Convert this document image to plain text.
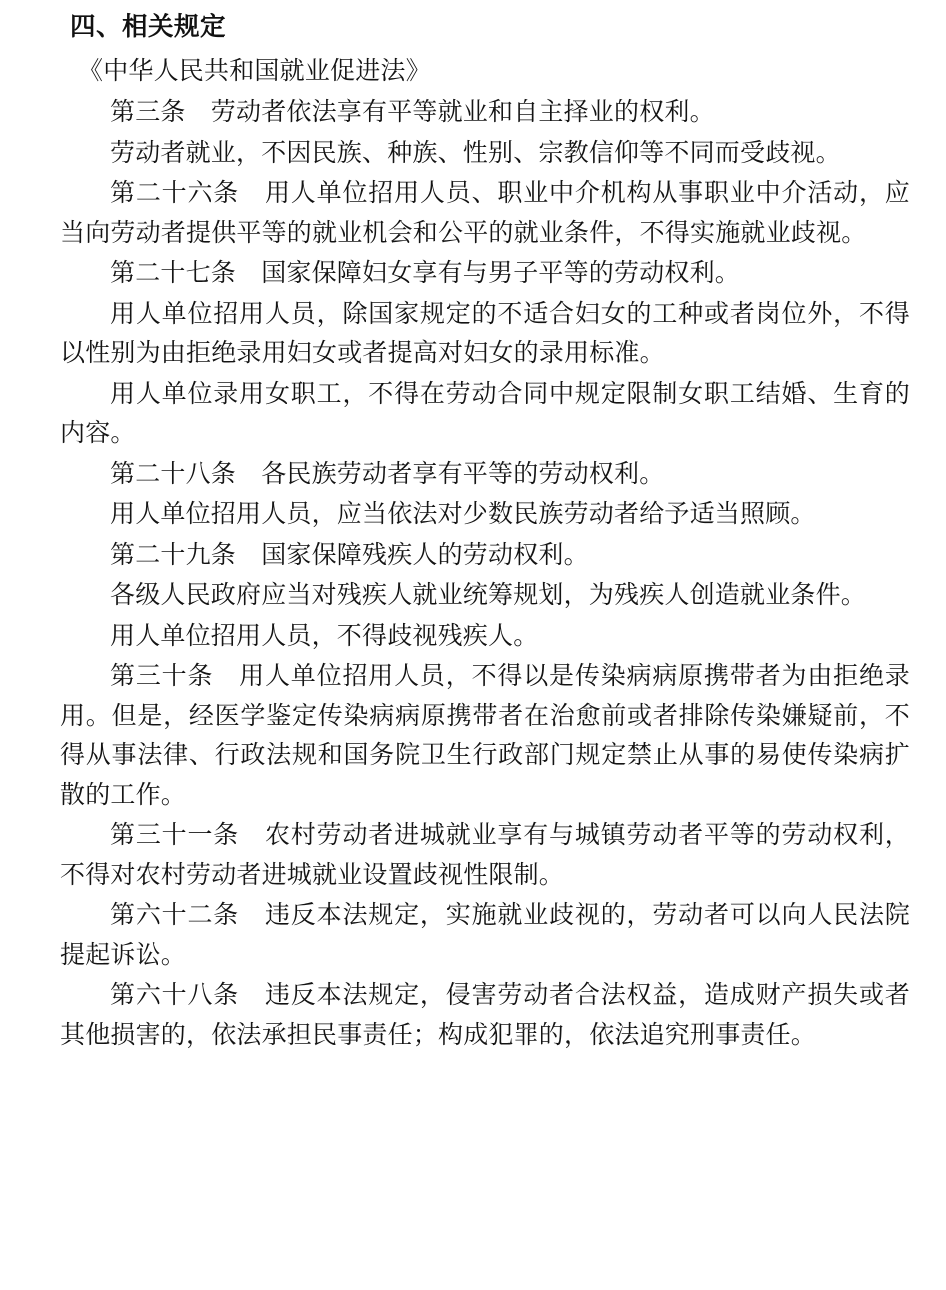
四、相关规定

《中华人民共和国就业促进法》

第三条　劳动者依法享有平等就业和自主择业的权利。

劳动者就业，不因民族、种族、性别、宗教信仰等不同而受歧视。

第二十六条　用人单位招用人员、职业中介机构从事职业中介活动，应当向劳动者提供平等的就业机会和公平的就业条件，不得实施就业歧视。

第二十七条　国家保障妇女享有与男子平等的劳动权利。

用人单位招用人员，除国家规定的不适合妇女的工种或者岗位外，不得以性别为由拒绝录用妇女或者提高对妇女的录用标准。

用人单位录用女职工，不得在劳动合同中规定限制女职工结婚、生育的内容。

第二十八条　各民族劳动者享有平等的劳动权利。

用人单位招用人员，应当依法对少数民族劳动者给予适当照顾。

第二十九条　国家保障残疾人的劳动权利。

各级人民政府应当对残疾人就业统筹规划，为残疾人创造就业条件。

用人单位招用人员，不得歧视残疾人。

第三十条　用人单位招用人员，不得以是传染病病原携带者为由拒绝录用。但是，经医学鉴定传染病病原携带者在治愈前或者排除传染嫌疑前，不得从事法律、行政法规和国务院卫生行政部门规定禁止从事的易使传染病扩散的工作。

第三十一条　农村劳动者进城就业享有与城镇劳动者平等的劳动权利，不得对农村劳动者进城就业设置歧视性限制。

第六十二条　违反本法规定，实施就业歧视的，劳动者可以向人民法院提起诉讼。

第六十八条　违反本法规定，侵害劳动者合法权益，造成财产损失或者其他损害的，依法承担民事责任；构成犯罪的，依法追究刑事责任。
